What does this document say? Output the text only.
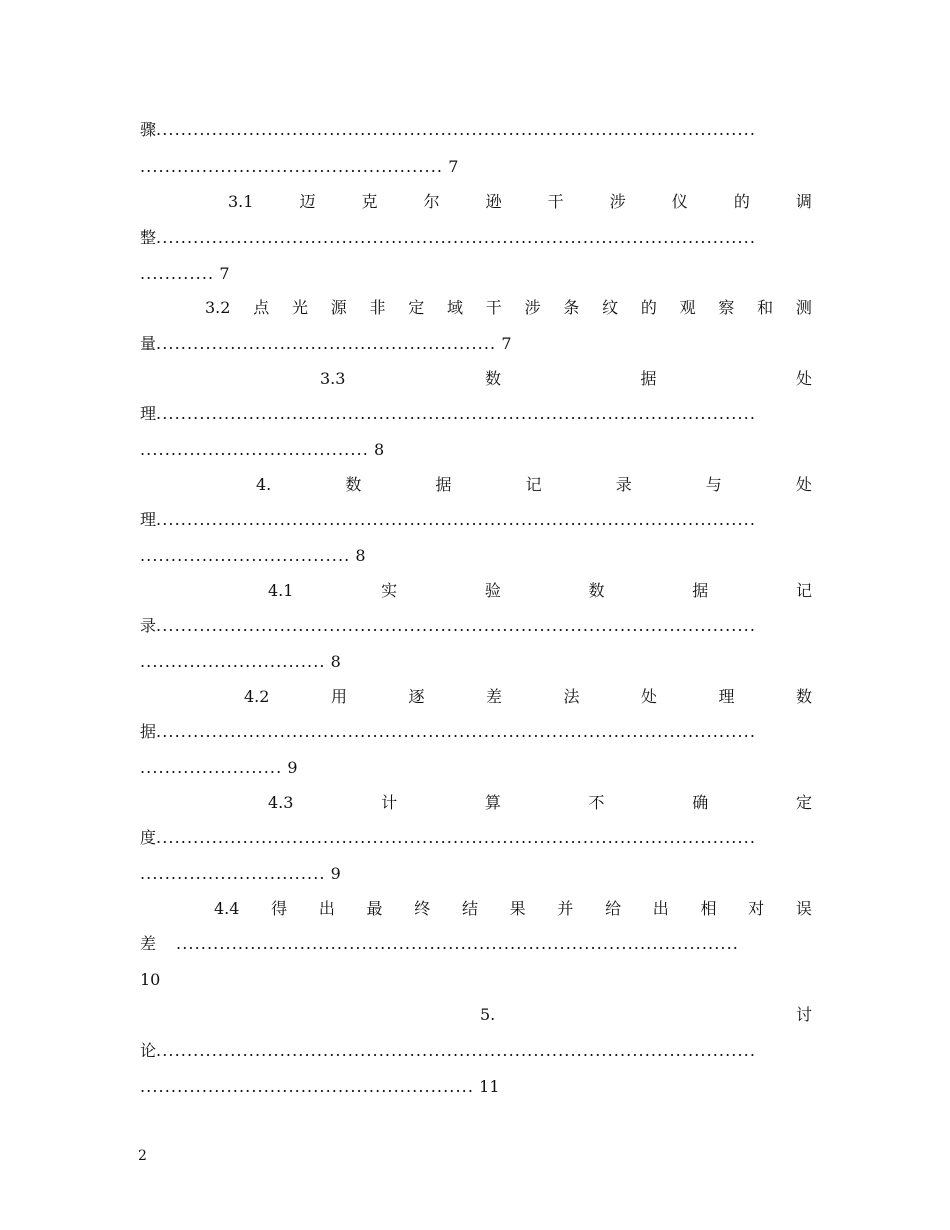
骤.................................................................................................
................................................. 7
3.1	迈	克	尔	逊	干	涉	仪	的	调
整.................................................................................................
............ 7
3.2 点 光 源 非 定 域 干 涉 条 纹 的 观 察 和 测
量....................................................... 7
3.3	数	据	处
理.................................................................................................
..................................... 8
4.	数	据	记	录	与	处
理.................................................................................................
.................................. 8
4.1	实	验	数	据	记
录.................................................................................................
.............................. 8
4.2	用	逐	差	法	处	理	数
据.................................................................................................
....................... 9
4.3	计	算	不	确	定
度.................................................................................................
.............................. 9
4.4 得 出 最 终 结 果 并 给 出 相 对 误
差 ...........................................................................................
10
5.	讨
论.................................................................................................
...................................................... 11
2
